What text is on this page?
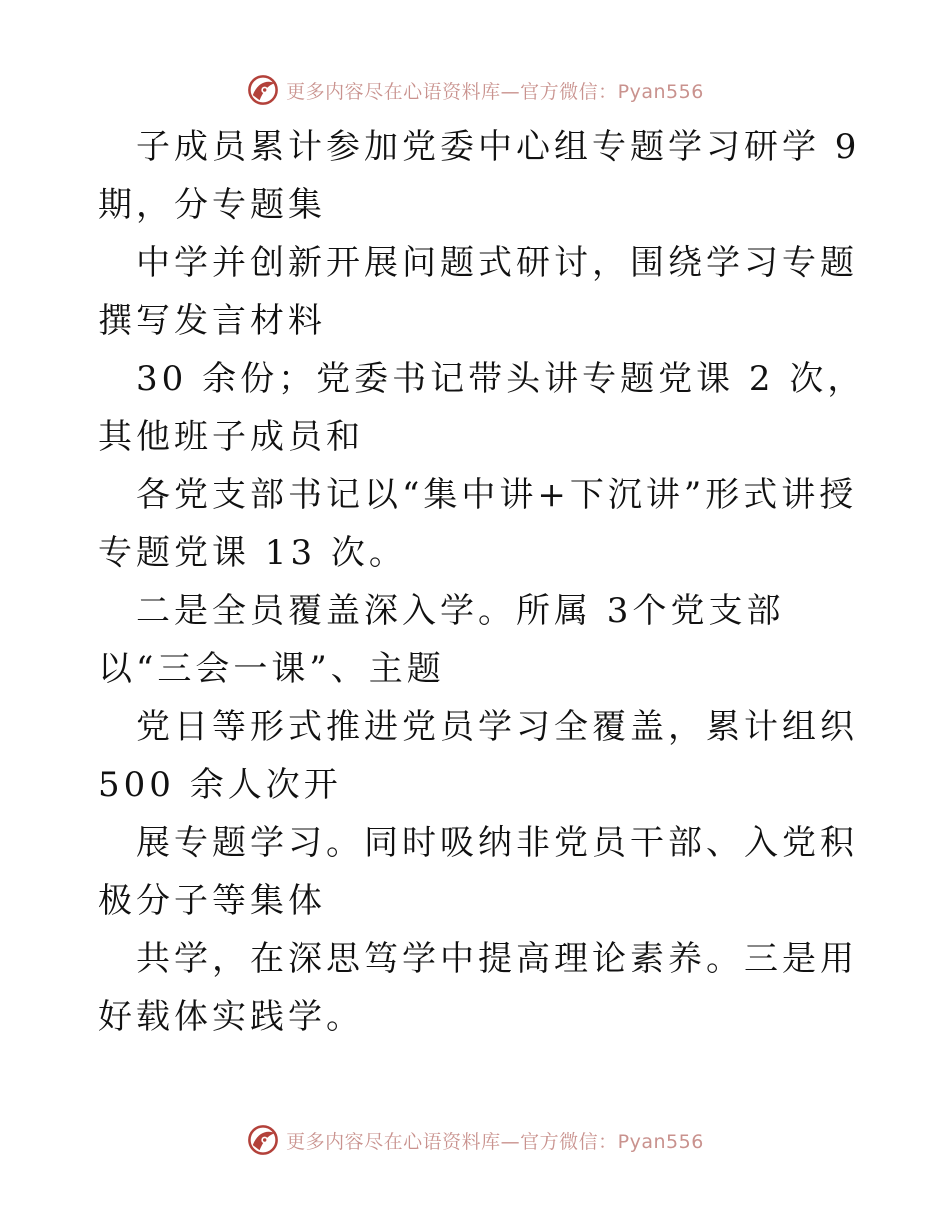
更多内容尽在心语资料库—官方微信：Pyan556

子成员累计参加党委中心组专题学习研学 9 期，分专题集

中学并创新开展问题式研讨，围绕学习专题撰写发言材料

30 余份；党委书记带头讲专题党课 2 次，其他班子成员和

各党支部书记以“集中讲+下沉讲”形式讲授专题党课 13 次。

二是全员覆盖深入学。所属 3个党支部以“三会一课”、主题

党日等形式推进党员学习全覆盖，累计组织 500 余人次开

展专题学习。同时吸纳非党员干部、入党积极分子等集体

共学，在深思笃学中提高理论素养。三是用好载体实践学。

更多内容尽在心语资料库—官方微信：Pyan556
